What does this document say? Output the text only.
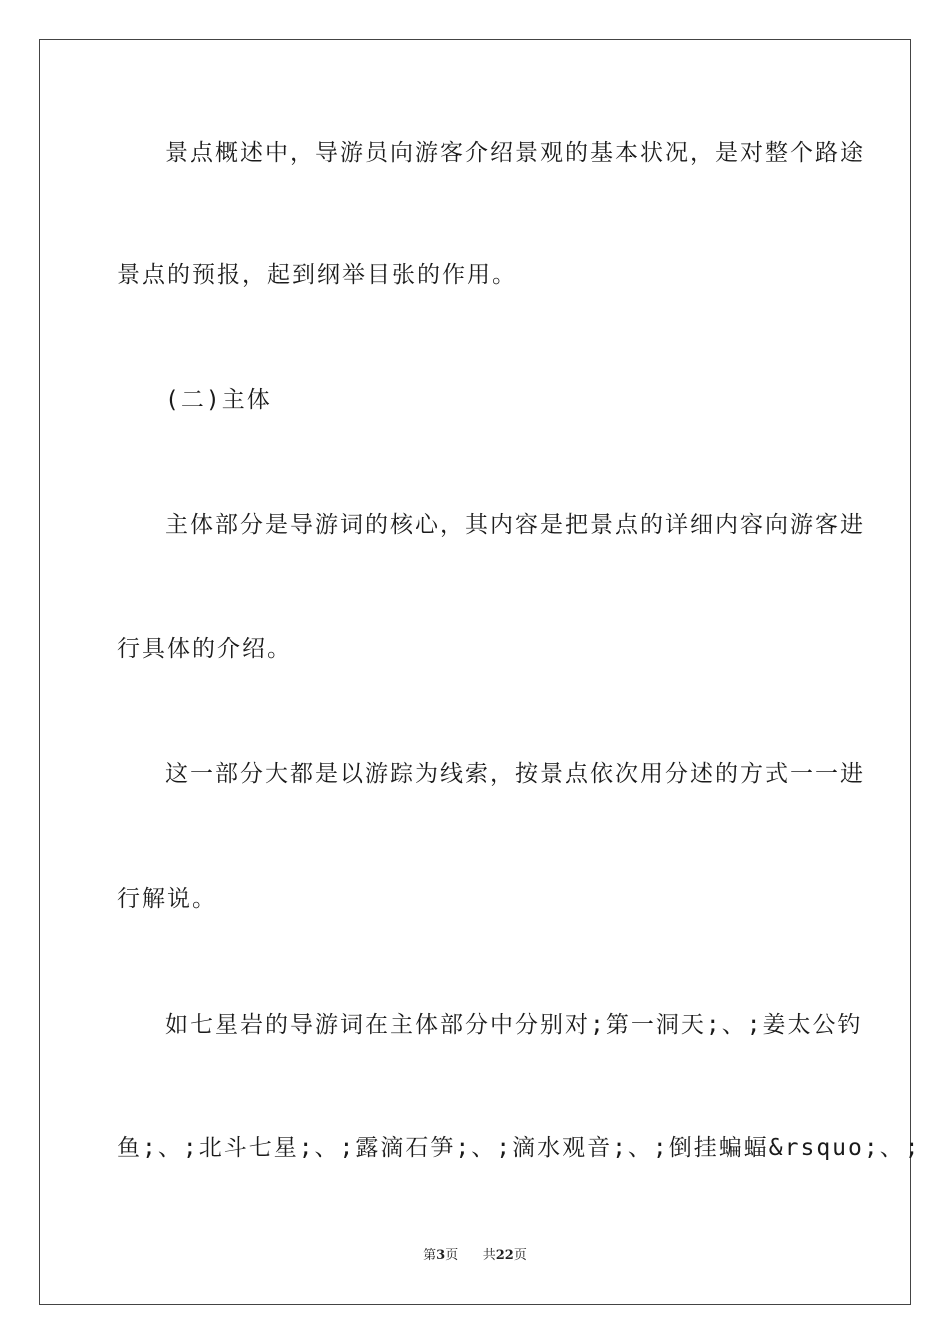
景点概述中，导游员向游客介绍景观的基本状况，是对整个路途
景点的预报，起到纲举目张的作用。
(二)主体
主体部分是导游词的核心，其内容是把景点的详细内容向游客进
行具体的介绍。
这一部分大都是以游踪为线索，按景点依次用分述的方式一一进
行解说。
如七星岩的导游词在主体部分中分别对;第一洞天;、;姜太公钓
鱼;、;北斗七星;、;露滴石笋;、;滴水观音;、;倒挂蝙蝠&rsquo;、;
第3页 共22页
